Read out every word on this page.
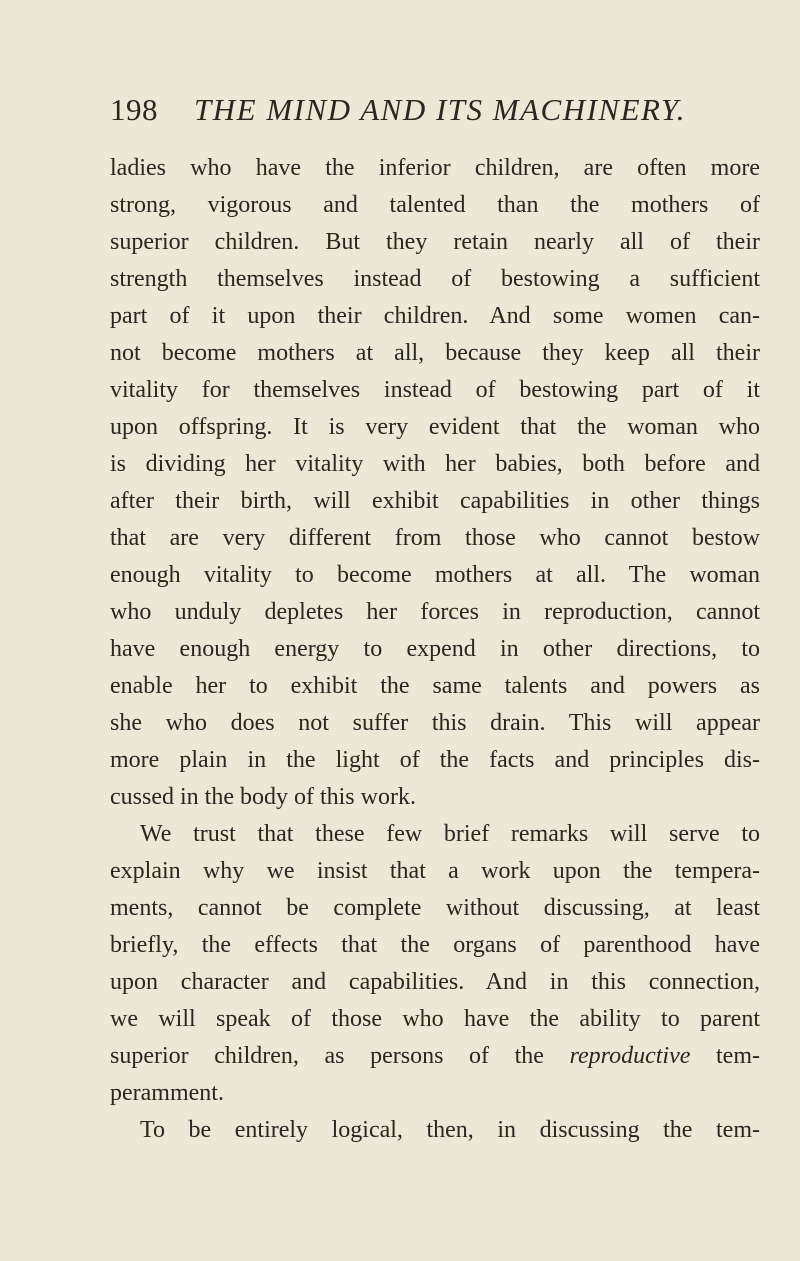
198 THE MIND AND ITS MACHINERY.
ladies who have the inferior children, are often more
strong, vigorous and talented than the mothers of
superior children. But they retain nearly all of their
strength themselves instead of bestowing a sufficient
part of it upon their children. And some women can-
not become mothers at all, because they keep all their
vitality for themselves instead of bestowing part of it
upon offspring. It is very evident that the woman who
is dividing her vitality with her babies, both before and
after their birth, will exhibit capabilities in other things
that are very different from those who cannot bestow
enough vitality to become mothers at all. The woman
who unduly depletes her forces in reproduction, cannot
have enough energy to expend in other directions, to
enable her to exhibit the same talents and powers as
she who does not suffer this drain. This will appear
more plain in the light of the facts and principles dis-
cussed in the body of this work.
We trust that these few brief remarks will serve to
explain why we insist that a work upon the tempera-
ments, cannot be complete without discussing, at least
briefly, the effects that the organs of parenthood have
upon character and capabilities. And in this connection,
we will speak of those who have the ability to parent
superior children, as persons of the reproductive tem-
peramment.
To be entirely logical, then, in discussing the tem-
